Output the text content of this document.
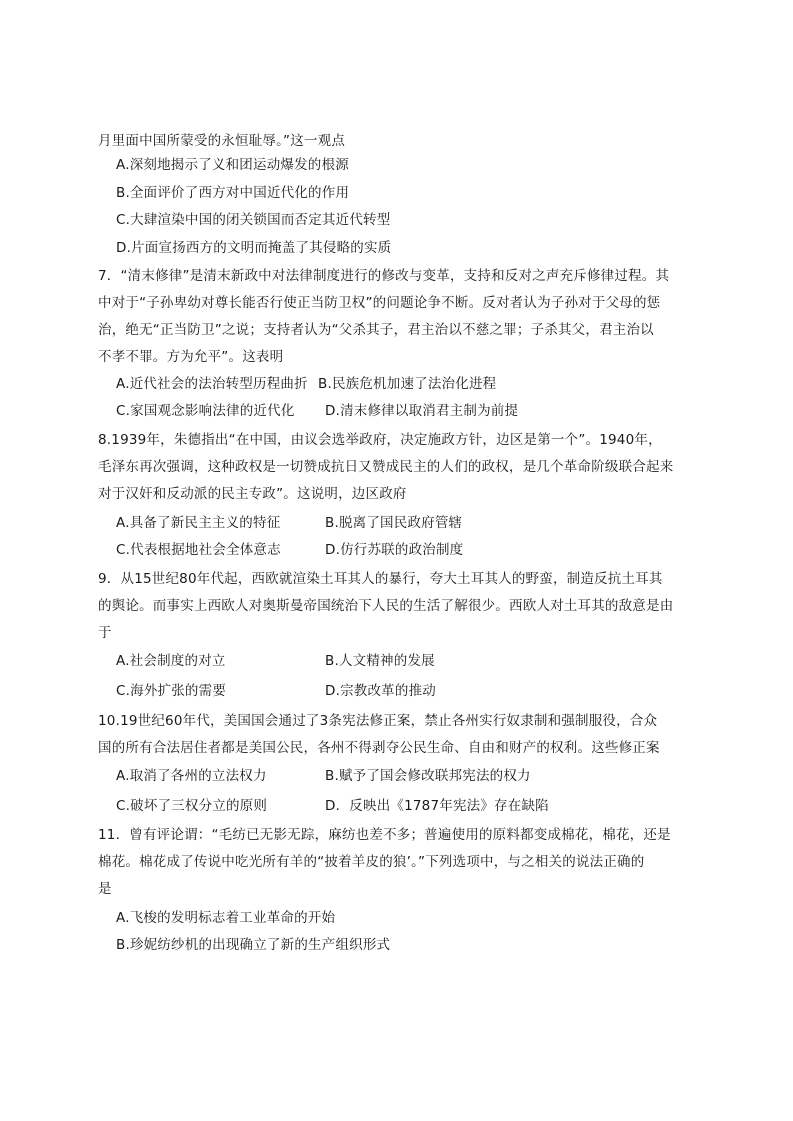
月里面中国所蒙受的永恒耻辱。”这一观点
A.深刻地揭示了义和团运动爆发的根源
B.全面评价了西方对中国近代化的作用
C.大肆渲染中国的闭关锁国而否定其近代转型
D.片面宣扬西方的文明而掩盖了其侵略的实质
7．“清末修律”是清末新政中对法律制度进行的修改与变革，支持和反对之声充斥修律过程。其
中对于“子孙卑幼对尊长能否行使正当防卫权”的问题论争不断。反对者认为子孙对于父母的惩
治，绝无“正当防卫”之说；支持者认为“父杀其子，君主治以不慈之罪；子杀其父，君主治以
不孝不罪。方为允平”。这表明
A.近代社会的法治转型历程曲折 B.民族危机加速了法治化进程
C.家国观念影响法律的近代化 D.清末修律以取消君主制为前提
8.1939年，朱德指出“在中国，由议会选举政府，决定施政方针，边区是第一个”。1940年，
毛泽东再次强调，这种政权是一切赞成抗日又赞成民主的人们的政权，是几个革命阶级联合起来
对于汉奸和反动派的民主专政”。这说明，边区政府
A.具备了新民主主义的特征	B.脱离了国民政府管辖
C.代表根据地社会全体意志	D.仿行苏联的政治制度
9．从15世纪80年代起，西欧就渲染土耳其人的暴行，夸大土耳其人的野蛮，制造反抗土耳其
的舆论。而事实上西欧人对奥斯曼帝国统治下人民的生活了解很少。西欧人对土耳其的敌意是由
于
A.社会制度的对立	B.人文精神的发展
C.海外扩张的需要	D.宗教改革的推动
10.19世纪60年代，美国国会通过了3条宪法修正案，禁止各州实行奴隶制和强制服役，合众
国的所有合法居住者都是美国公民，各州不得剥夺公民生命、自由和财产的权利。这些修正案
A.取消了各州的立法权力	B.赋予了国会修改联邦宪法的权力
C.破坏了三权分立的原则	D．反映出《1787年宪法》存在缺陷
11．曾有评论谓：“毛纺已无影无踪，麻纺也差不多；普遍使用的原料都变成棉花，棉花，还是
棉花。棉花成了传说中吃光所有羊的“披着羊皮的狼’。”下列选项中，与之相关的说法正确的
是
A.飞梭的发明标志着工业革命的开始
B.珍妮纺纱机的出现确立了新的生产组织形式
